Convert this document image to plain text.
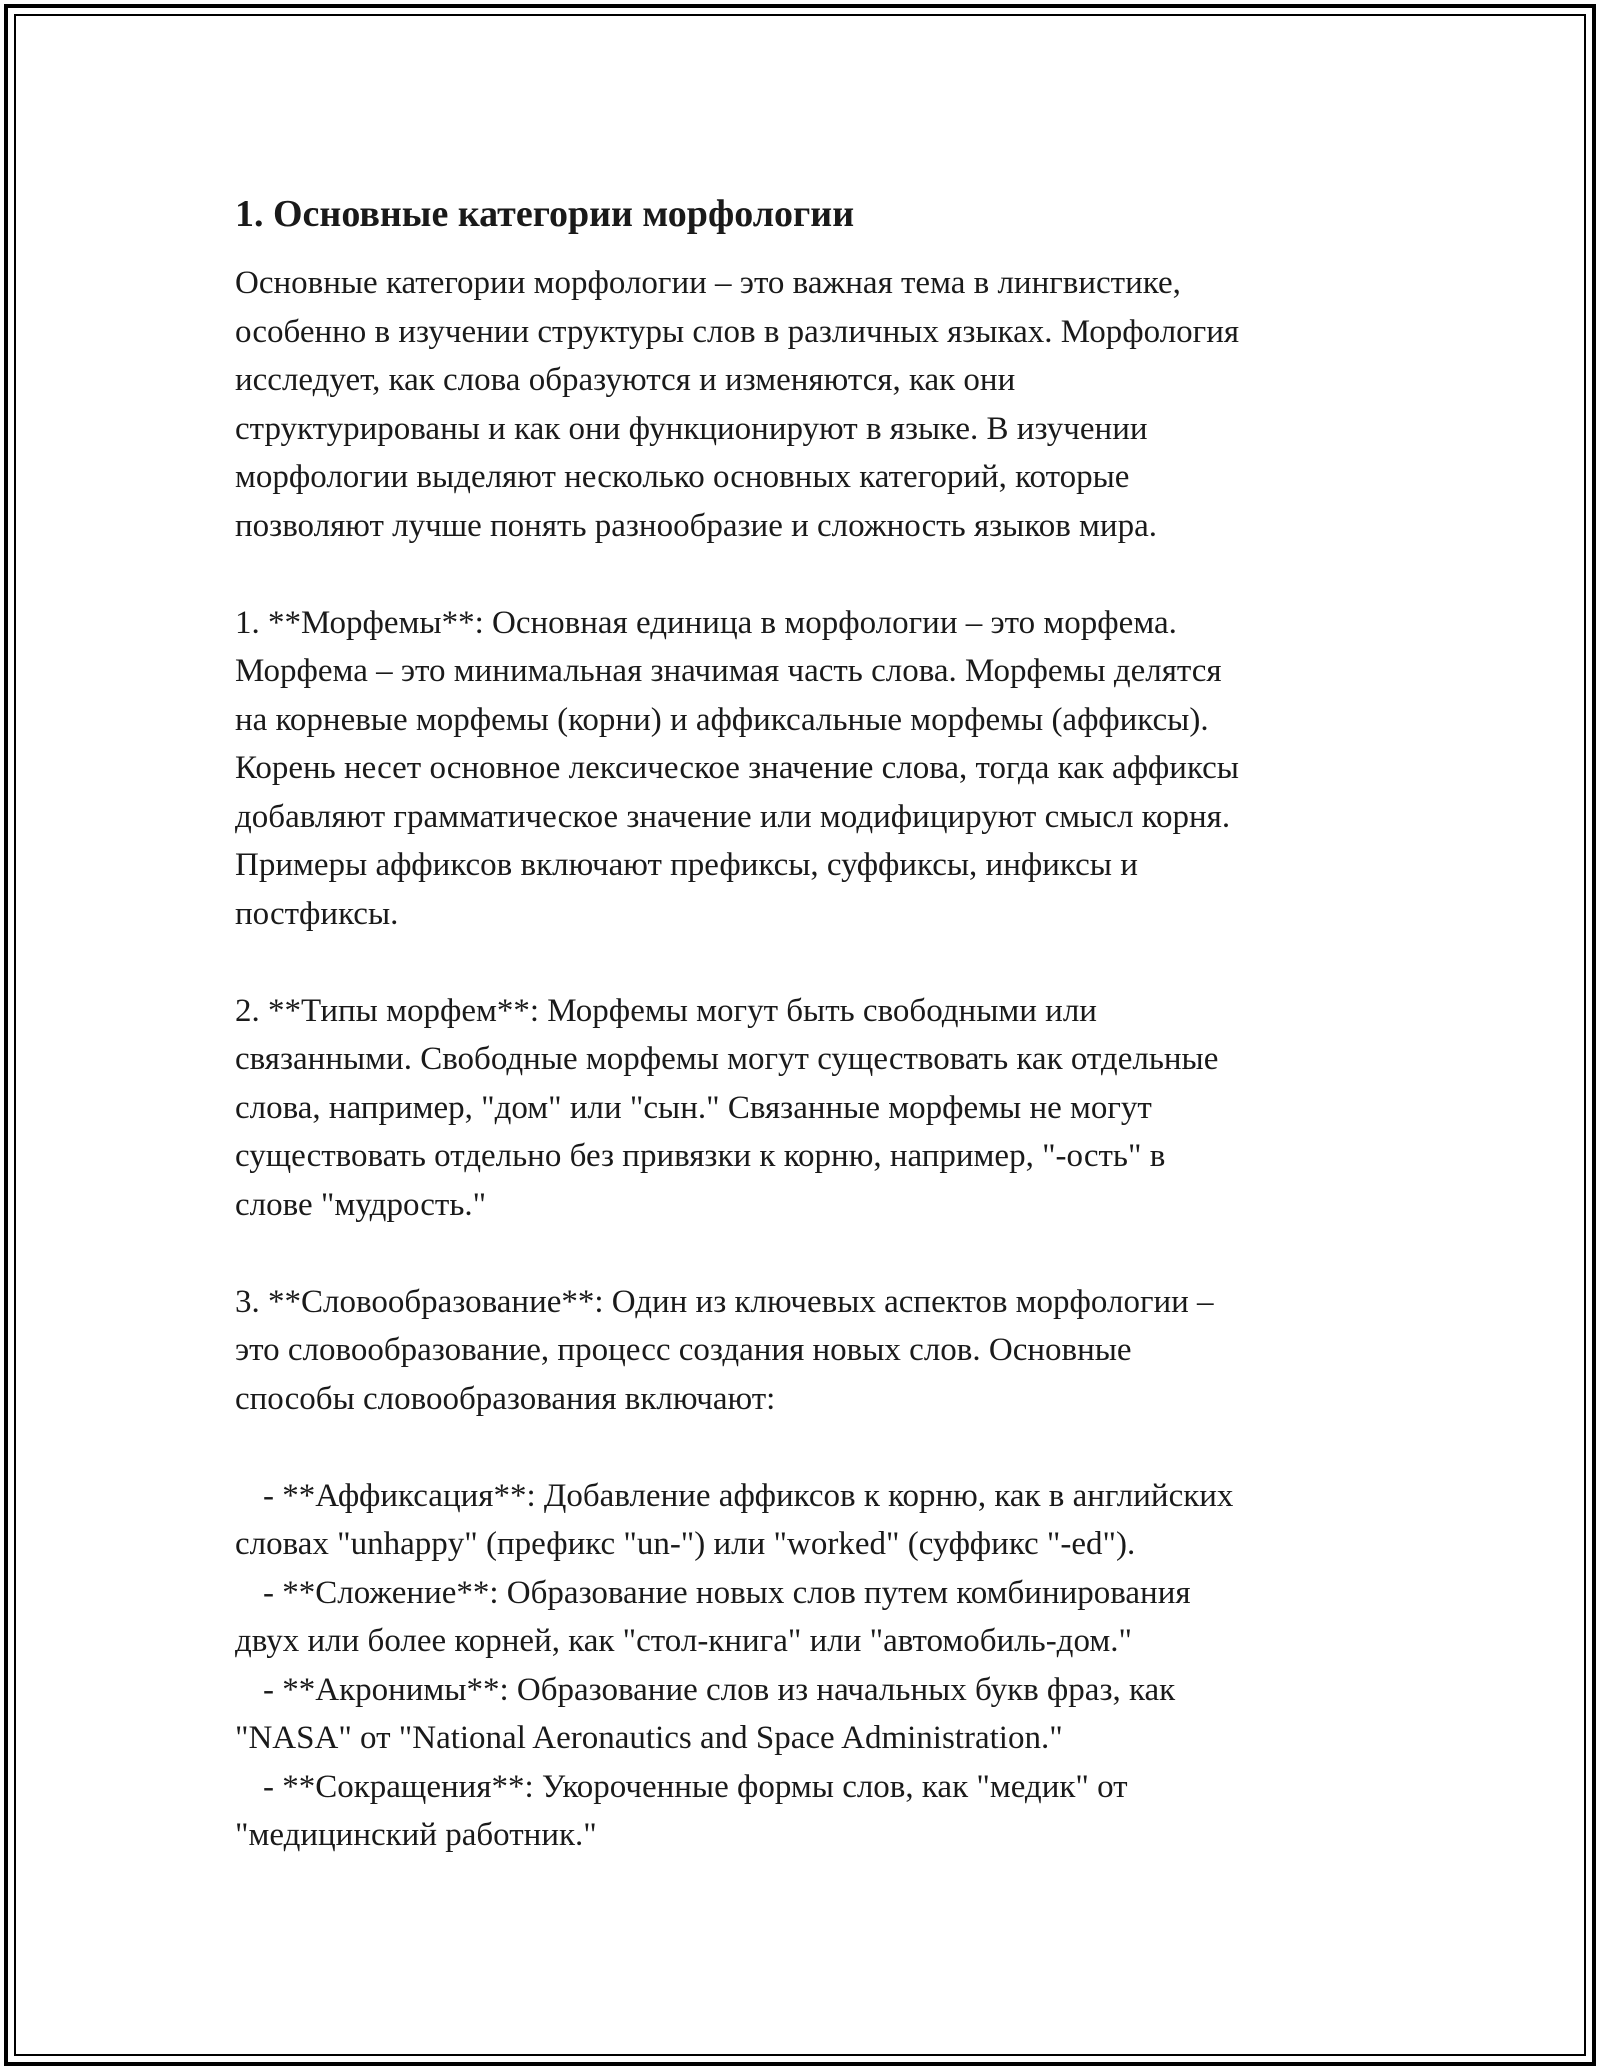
1. Основные категории морфологии

Основные категории морфологии – это важная тема в лингвистике,
особенно в изучении структуры слов в различных языках. Морфология
исследует, как слова образуются и изменяются, как они
структурированы и как они функционируют в языке. В изучении
морфологии выделяют несколько основных категорий, которые
позволяют лучше понять разнообразие и сложность языков мира.

1. **Морфемы**: Основная единица в морфологии – это морфема.
Морфема – это минимальная значимая часть слова. Морфемы делятся
на корневые морфемы (корни) и аффиксальные морфемы (аффиксы).
Корень несет основное лексическое значение слова, тогда как аффиксы
добавляют грамматическое значение или модифицируют смысл корня.
Примеры аффиксов включают префиксы, суффиксы, инфиксы и
постфиксы.

2. **Типы морфем**: Морфемы могут быть свободными или
связанными. Свободные морфемы могут существовать как отдельные
слова, например, "дом" или "сын." Связанные морфемы не могут
существовать отдельно без привязки к корню, например, "-ость" в
слове "мудрость."

3. **Словообразование**: Один из ключевых аспектов морфологии –
это словообразование, процесс создания новых слов. Основные
способы словообразования включают:

- **Аффиксация**: Добавление аффиксов к корню, как в английских
словах "unhappy" (префикс "un-") или "worked" (суффикс "-ed").
- **Сложение**: Образование новых слов путем комбинирования
двух или более корней, как "стол-книга" или "автомобиль-дом."
- **Акронимы**: Образование слов из начальных букв фраз, как
"NASA" от "National Aeronautics and Space Administration."
- **Сокращения**: Укороченные формы слов, как "медик" от
"медицинский работник."
